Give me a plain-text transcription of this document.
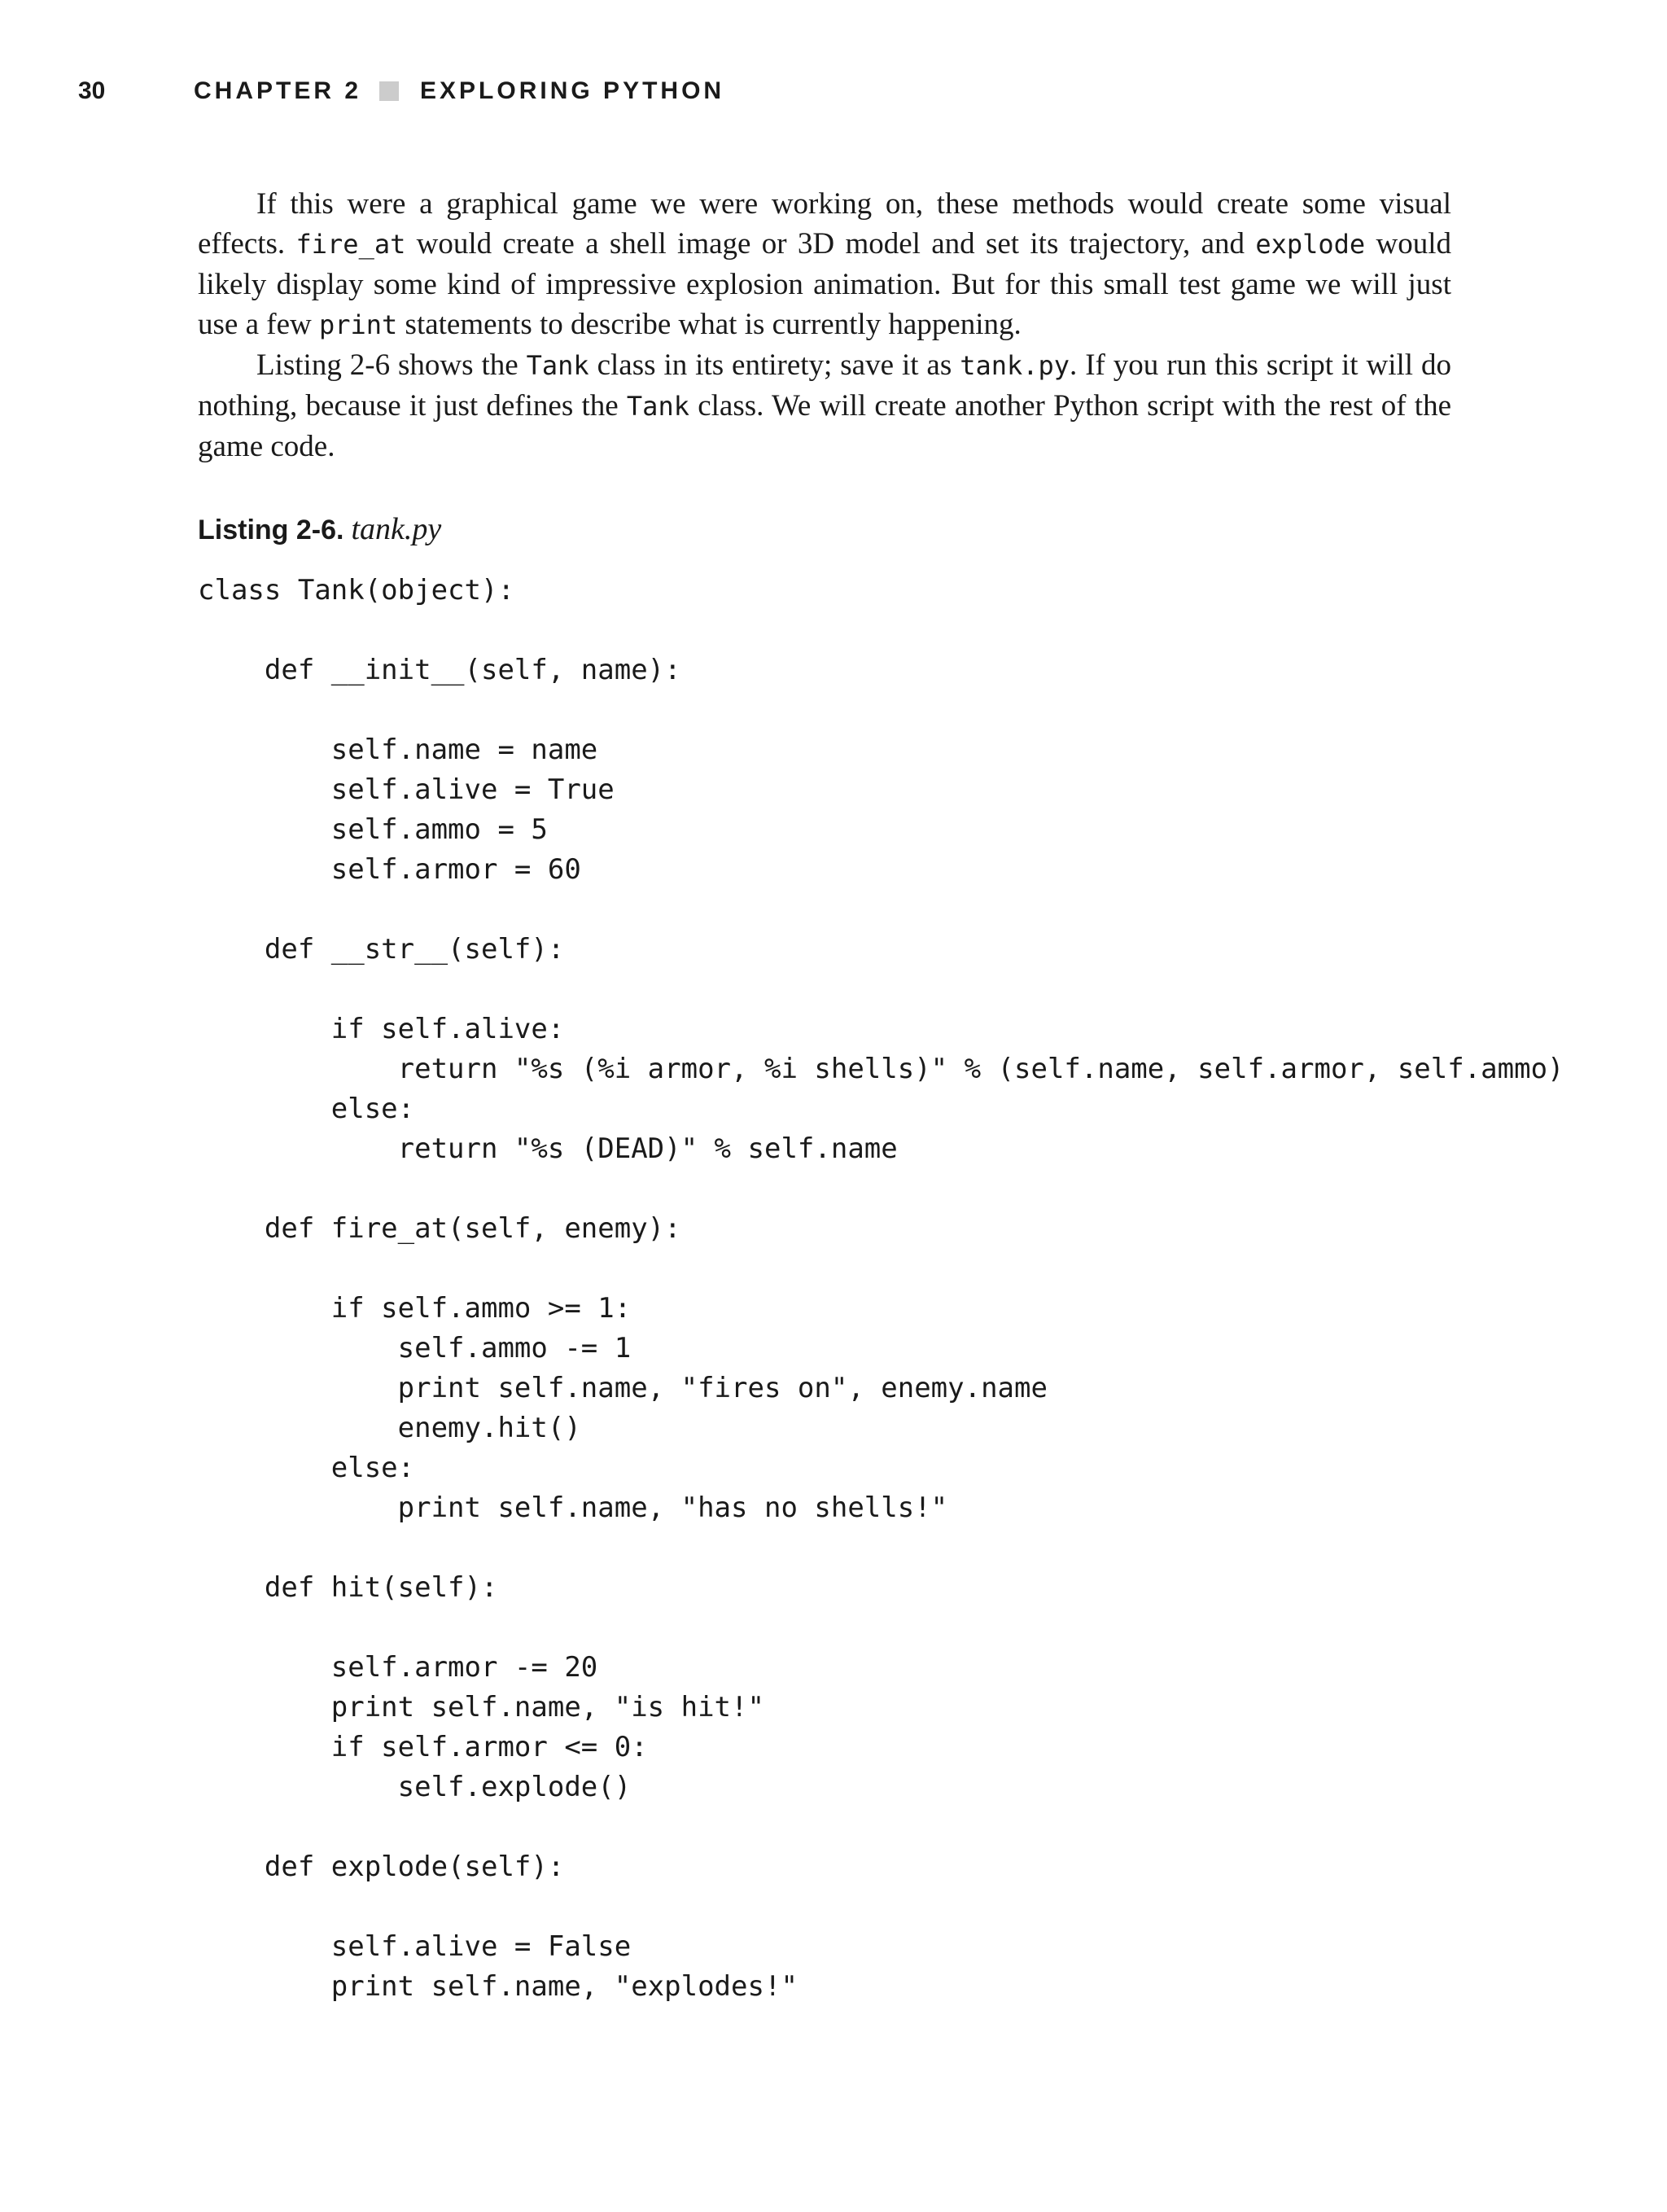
30	CHAPTER 2 EXPLORING PYTHON

If this were a graphical game we were working on, these methods would create some visual effects. fire_at would create a shell image or 3D model and set its trajectory, and explode would likely display some kind of impressive explosion animation. But for this small test game we will just use a few print statements to describe what is currently happening.

Listing 2-6 shows the Tank class in its entirety; save it as tank.py. If you run this script it will do nothing, because it just defines the Tank class. We will create another Python script with the rest of the game code.

Listing 2-6. tank.py
class Tank(object):
def __init__(self, name):
self.name = name
self.alive = True
self.ammo = 5
self.armor = 60
def __str__(self):
if self.alive:
return "%s (%i armor, %i shells)" % (self.name, self.armor, self.ammo)
else:
return "%s (DEAD)" % self.name
def fire_at(self, enemy):
if self.ammo >= 1:
self.ammo -= 1
print self.name, "fires on", enemy.name
enemy.hit()
else:
print self.name, "has no shells!"
def hit(self):
self.armor -= 20
print self.name, "is hit!"
if self.armor <= 0:
self.explode()
def explode(self):
self.alive = False
print self.name, "explodes!"
